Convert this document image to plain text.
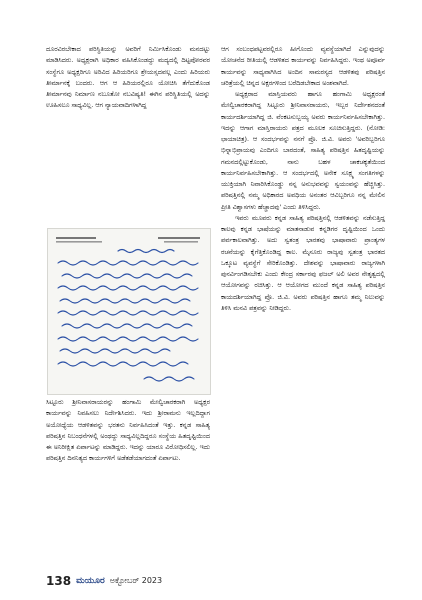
ದೂರವಿರಬೇಕಾದ ಪರಿಸ್ಥಿತಿಯನ್ನು ಅವರಿಗೆ ನಿರ್ಮಿಸಿಕೊಂಡು ಮನದಟ್ಟು ಮಾಡಿಸಿದರು. ಅಧ್ಯಕ್ಷರಾಗಿ ಅಧಿಕಾರ ವಹಿಸಿಕೊಂಡದ್ದು ಮದ್ಯದಲ್ಲಿ ದಿಟ್ಟಪೋರವರ ಸಂಸ್ಥೆಗೂ ಅಧ್ಯಕ್ಷರಿಗೂ ಅರಿವಿದ ಹಿರಿಯರಿಗೂ ಶ್ರೇಯಸ್ಸದವಲ್ಲ ಎಂದು ಹಿರಿಯರು ತೀರ್ಮಾನಕ್ಕೆ ಬಂದರು. ಆಗ ಆ ಹಿರಿಯರಲ್ಲಿರೂ ಯೋಚಿಸಿ ತೆಗೆದುಕೊಂಡ ತೀರ್ಮಾನವು ನಿರ್ಮಾಣ ನಬೂತೋ ನಬವಿಷ್ಯತಿ! ಈಗಿನ ಪರಿಸ್ಥಿತಿಯಲ್ಲಿ ಅದನ್ನು ಊಹಿಸಲೂ ಸಾಧ್ಯವಿಲ್ಲ. ಆಗ ನ್ಯಾಯವಾದಿಗಳಾಗಿದ್ದ

ಸಿಟ್ಟೂರು ಶ್ರೀನಿವಾಸರಾಯರನ್ನು ಹಂಗಾಮಿ ಮೇಲ್ವಿಚಾರಕರಾಗಿ ಅಧ್ಯಕ್ಷರ ಕಾರ್ಯವನ್ನು ನಿವಹಿಸಲು ನಿರ್ದೇಶಿಸಿದರು. ಇದು ಶ್ರೀರಾಮನು ಇಲ್ಲದಿದ್ದಾಗ ಅಯೋಧ್ಯೆಯ ಆಡಳಿತವನ್ನು ಭರತನು ನಿರ್ವಹಿಸಿದಂತೆ ಇತ್ತು. ಕನ್ನಡ ಸಾಹಿತ್ಯ ಪರಿಷತ್ತಿನ ನಿಬಂಧನೆಗಳಲ್ಲಿ ಅಂಥದ್ದು ಸಾಧ್ಯವಿಲ್ಲದಿದ್ದರೂ ಸಂಸ್ಥೆಯ ಹಿತದೃಷ್ಟಿಯಿಂದ ಈ ಅನಿರೀಕ್ಷಿತ ಏರ್ಪಾಟನ್ನು ಮಾಡಿದ್ದರು. ಇದನ್ನು ಯಾರೂ ವಿರೋಧಿಸಲಿಲ್ಲ. ಇದು ಪರಿಷತ್ತಿನ ದಿನನಿತ್ಯದ ಕಾರ್ಯಗಳಿಗೆ ಅಡೆತಡೆಯಾಗದಂತೆ ಏರ್ಪಾಟು.

ಆಗ ಸಂಬಂಧಪಟ್ಟವರಲ್ಲಿರೂ ಹೀಗೊಂದು ವ್ಯವಸ್ಥೆಯಾಗಿದೆ ಎನ್ನುವುದನ್ನು ಯೋಚನೆದ ರೀತಿಯಲ್ಲಿ ಆಡಳಿತದ ಕಾರ್ಯವನ್ನು ನಿರ್ವಹಿಸಿದ್ದರು. ಇಂಥ ಅಪೂರ್ವ ಕಾರ್ಯವನ್ನು ಸಾಧ್ಯವಾಗಿಸಿದ ಅಂದಿನ ಸಾಮರಸ್ಯದ ಆಡಳಿತವು ಪರಿಷತ್ತಿನ ಚರಿತ್ರೆಯಲ್ಲಿ ಚಿನ್ನದ ಅಕ್ಷರಗಳಿಂದ ಬರೆದಿಡಬೇಕಾದ ಅಂಶವಾಗಿದೆ.

ಅಧ್ಯಕ್ಷರಾದ ಮಾಸ್ತಿಯವರು ಹಾಗೂ ಹಂಗಾಮಿ ಅಧ್ಯಕ್ಷರಂತೆ ಮೇಲ್ವಿಚಾರಕರಾಗಿದ್ದ ಸಿಟ್ಟೂರು ಶ್ರೀನಿವಾಸರಾಯರು, ಇಬ್ಬರ ನಿರ್ದೇಶನದಂತೆ ಕಾರ್ಯದರ್ಶಿಯಾಗಿದ್ದ ಜಿ. ವೆಂಕಟಸುಬ್ಬಯ್ಯ ಅವರು ಕಾರ್ಯನಿರ್ವಹಿಸಬೇಕಾಗಿತ್ತು. ಇದನ್ನು ಆಗಾಗ ಮಾಸ್ತಿರಾಯರು ಪತ್ರದ ಮೂಲಕ ಸೂಚಿಸುತ್ತಿದ್ದರು. (ನೋಡಿ: ಛಾಯಾಚಿತ್ರ). ಆ ಸಂದರ್ಭವನ್ನು ನನಗೆ ಪ್ರೊ. ಜಿ.ವಿ. ಅವರು 'ಅವರಿಬ್ಬರಿಗೂ ಭಿನ್ನಾಭಿಪ್ರಾಯವು ಎಂದಿಗೂ ಬಾರದಂತೆ, ಸಾಹಿತ್ಯ ಪರಿಷತ್ತಿನ ಹಿತದೃಷ್ಟಿಯನ್ನು ಗಮನದಲ್ಲಿಟ್ಟುಕೊಂಡು, ನಾನು ಬಹಳ ಚಾಕಚಕ್ಯತೆಯಿಂದ ಕಾರ್ಯನಿರ್ವಹಿಸಬೇಕಾಗಿತ್ತು. ಆ ಸಂದರ್ಭದಲ್ಲಿ ಅನೇಕ ಸೂಕ್ಷ್ಮ ಸಂಗತಿಗಳನ್ನು ಯುಕ್ತಿಯಾಗಿ ನಿವಾರಿಸಿಕೊಂಡ್ಡು ನನ್ನ ಅನುಭವವನ್ನು ಸ್ವಯಂವನ್ನು ಹೆಚ್ಚಿಸಿತ್ತು. ಪರಿಷತ್ತಿನಲ್ಲಿ ನಮ್ಮ ಅಧಿಕಾರದ ಅವಧಿಯ ಅನಂತರ ಆವಿಬ್ಬರಿಗೂ ನನ್ನ ಮೇಲಿನ ಪ್ರೀತಿ ವಿಶ್ವಾಸಗಳು ಹೆಚ್ಚಾದವು' ಎಂದು ತಿಳಿಸಿದ್ದರು.

ಇವರು ಮೂವರು ಕನ್ನಡ ಸಾಹಿತ್ಯ ಪರಿಷತ್ತಿನಲ್ಲಿ ಆಡಳಿತವನ್ನು ನಡೆಸುತ್ತಿದ್ದ ಕಾಲವು ಕನ್ನಡ ಭಾಷೆಯನ್ನು ಮಾತನಾಡುವ ಕನ್ನಡಿಗರ ದೃಷ್ಟಿಯಿಂದ ಒಂದು ಪರ್ವಕಾಲವಾಗಿತ್ತು. ಅದು ಸ್ವತಂತ್ರ ಭಾರತವು ಭಾಷಾವಾರು ಪ್ರಾಂತ್ಯಗಳ ರಚನೆಯನ್ನು ಕೈಗೆತ್ತಿಕೊಂಡಿದ್ದ ಕಾಲ. ಮೈಸೂರು ರಾಜ್ಯವು ಸ್ವತಂತ್ರ ಭಾರತದ ಒಕ್ಕೂಟ ವ್ಯವಸ್ಥೆಗೆ ಸೇರಿಕೊಂಡಿತ್ತು. ದೇಶವನ್ನು ಭಾಷಾವಾರು ರಾಜ್ಯಗಳಾಗಿ ಪುನರ್ವಿಂಗಡಿಸಬೇಕು ಎಂದು ಕೇಂದ್ರ ಸರ್ಕಾರವು ಫಜಲ್ ಅಲಿ ಅವರ ನೇತೃತ್ವದಲ್ಲಿ ಆಯೋಗವನ್ನು ರಚಿಸಿತ್ತು. ಆ ಆಯೋಗದ ಮುಂದೆ ಕನ್ನಡ ಸಾಹಿತ್ಯ ಪರಿಷತ್ತಿನ ಕಾಯದರ್ಶಿಯಾಗಿದ್ದ ಪ್ರೊ. ಜಿ.ವಿ. ಅವರು ಪರಿಷತ್ತಿನ ಹಾಗೂ ತಮ್ಮ ನಿಲುವನ್ನು ತಿಳಿಸಿ ಮನವಿ ಪತ್ರವನ್ನು ನೀಡಿದ್ದರು.

138 ಮಯೂರ ಅಕ್ಟೋಬರ್ 2023
